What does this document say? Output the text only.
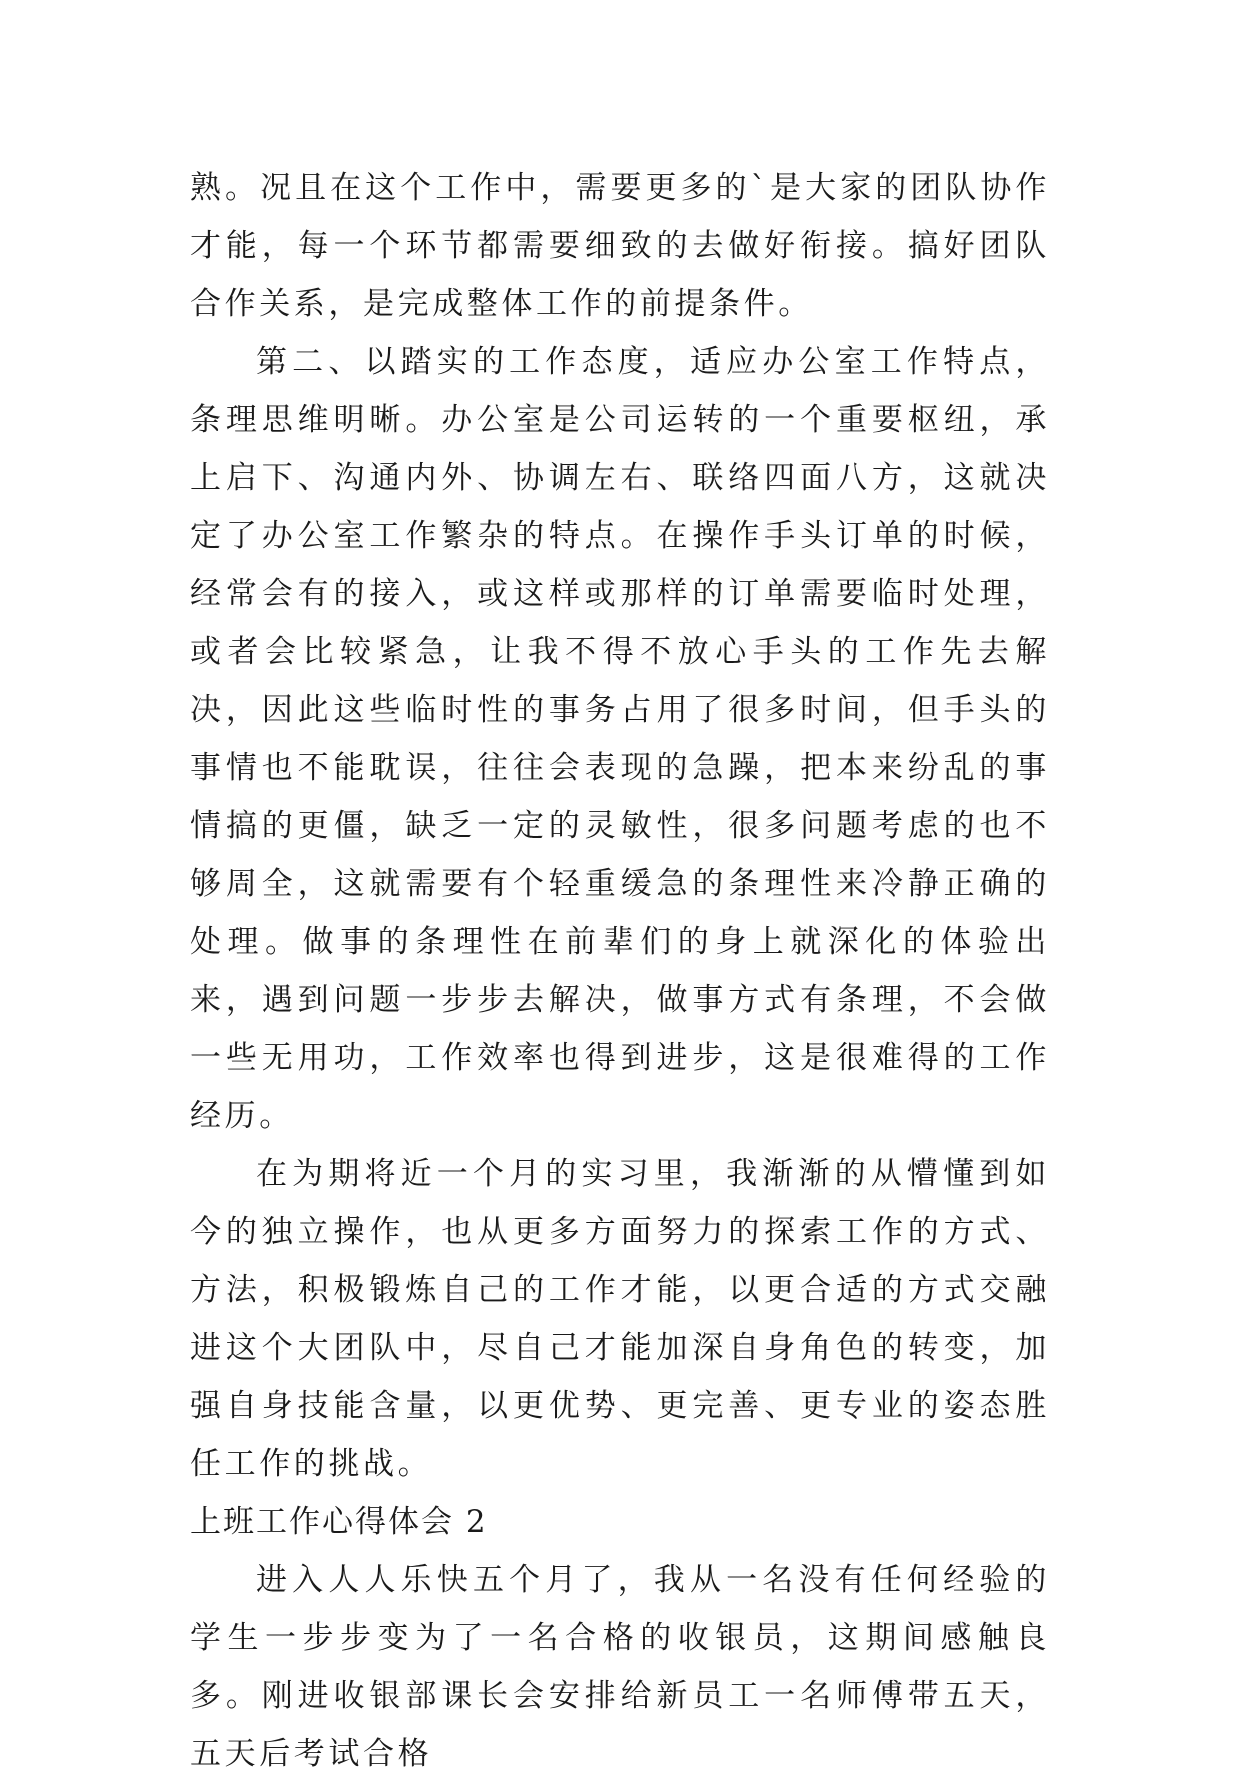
熟。况且在这个工作中，需要更多的`是大家的团队协作才能，每一个环节都需要细致的去做好衔接。搞好团队合作关系，是完成整体工作的前提条件。

第二、以踏实的工作态度，适应办公室工作特点，条理思维明晰。办公室是公司运转的一个重要枢纽，承上启下、沟通内外、协调左右、联络四面八方，这就决定了办公室工作繁杂的特点。在操作手头订单的时候，经常会有的接入，或这样或那样的订单需要临时处理，或者会比较紧急，让我不得不放心手头的工作先去解决，因此这些临时性的事务占用了很多时间，但手头的事情也不能耽误，往往会表现的急躁，把本来纷乱的事情搞的更僵，缺乏一定的灵敏性，很多问题考虑的也不够周全，这就需要有个轻重缓急的条理性来冷静正确的处理。做事的条理性在前辈们的身上就深化的体验出来，遇到问题一步步去解决，做事方式有条理，不会做一些无用功，工作效率也得到进步，这是很难得的工作经历。

在为期将近一个月的实习里，我渐渐的从懵懂到如今的独立操作，也从更多方面努力的探索工作的方式、方法，积极锻炼自己的工作才能，以更合适的方式交融进这个大团队中，尽自己才能加深自身角色的转变，加强自身技能含量，以更优势、更完善、更专业的姿态胜任工作的挑战。

上班工作心得体会 2

进入人人乐快五个月了，我从一名没有任何经验的学生一步步变为了一名合格的收银员，这期间感触良多。刚进收银部课长会安排给新员工一名师傅带五天，五天后考试合格
